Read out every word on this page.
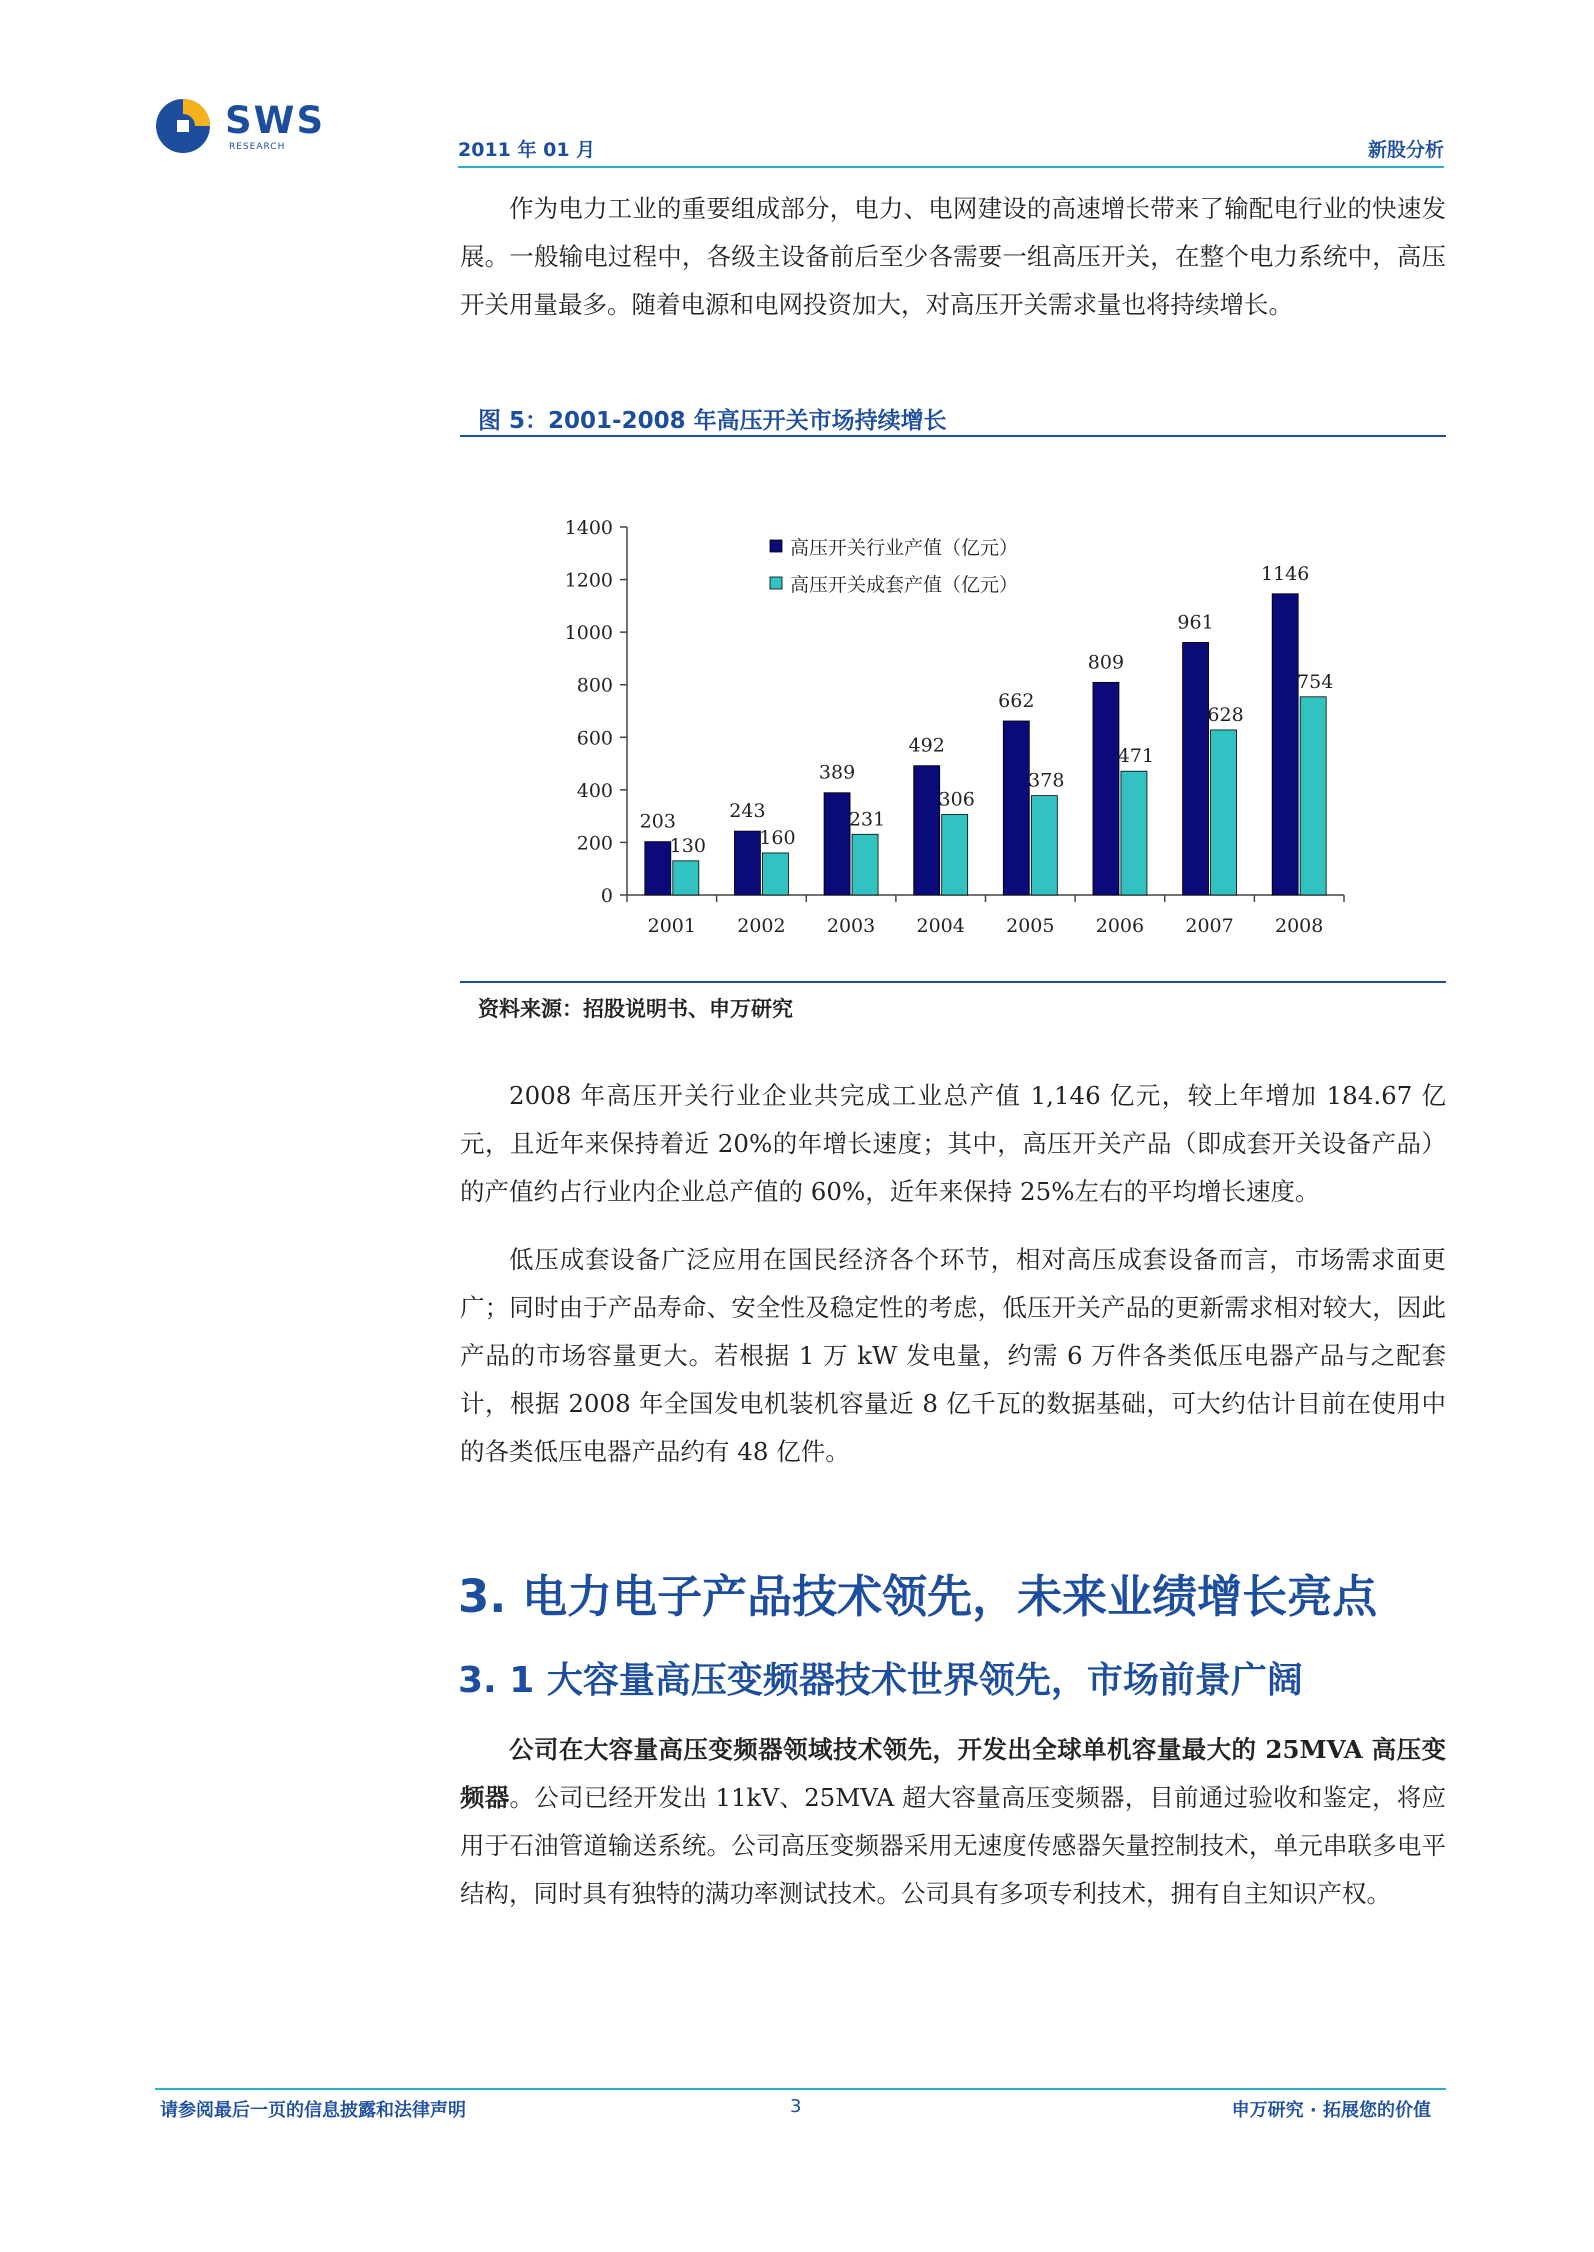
SWS
RESEARCH	2011 年 01 月	新股分析

作为电力工业的重要组成部分，电力、电网建设的高速增长带来了输配电行业的快速发展。一般输电过程中，各级主设备前后至少各需要一组高压开关，在整个电力系统中，高压开关用量最多。随着电源和电网投资加大，对高压开关需求量也将持续增长。

图 5：2001-2008 年高压开关市场持续增长
0
200
400
600
800
1000
1200
1400
203
130
2001
243
160
2002
389
231
2003
492
306
2004
662
378
2005
809
471
2006
961
628
2007
1146
754
2008
高压开关行业产值（亿元）
高压开关成套产值（亿元）
资料来源：招股说明书、申万研究

2008 年高压开关行业企业共完成工业总产值 1,146 亿元，较上年增加 184.67 亿元，且近年来保持着近 20%的年增长速度；其中，高压开关产品（即成套开关设备产品）的产值约占行业内企业总产值的 60%，近年来保持 25%左右的平均增长速度。

低压成套设备广泛应用在国民经济各个环节，相对高压成套设备而言，市场需求面更广；同时由于产品寿命、安全性及稳定性的考虑，低压开关产品的更新需求相对较大，因此产品的市场容量更大。若根据 1 万 kW 发电量，约需 6 万件各类低压电器产品与之配套计，根据 2008 年全国发电机装机容量近 8 亿千瓦的数据基础，可大约估计目前在使用中的各类低压电器产品约有 48 亿件。

3. 电力电子产品技术领先，未来业绩增长亮点
3. 1 大容量高压变频器技术世界领先，市场前景广阔

公司在大容量高压变频器领域技术领先，开发出全球单机容量最大的 25MVA 高压变频器。公司已经开发出 11kV、25MVA 超大容量高压变频器，目前通过验收和鉴定，将应用于石油管道输送系统。公司高压变频器采用无速度传感器矢量控制技术，单元串联多电平结构，同时具有独特的满功率测试技术。公司具有多项专利技术，拥有自主知识产权。

请参阅最后一页的信息披露和法律声明	3	申万研究 · 拓展您的价值
